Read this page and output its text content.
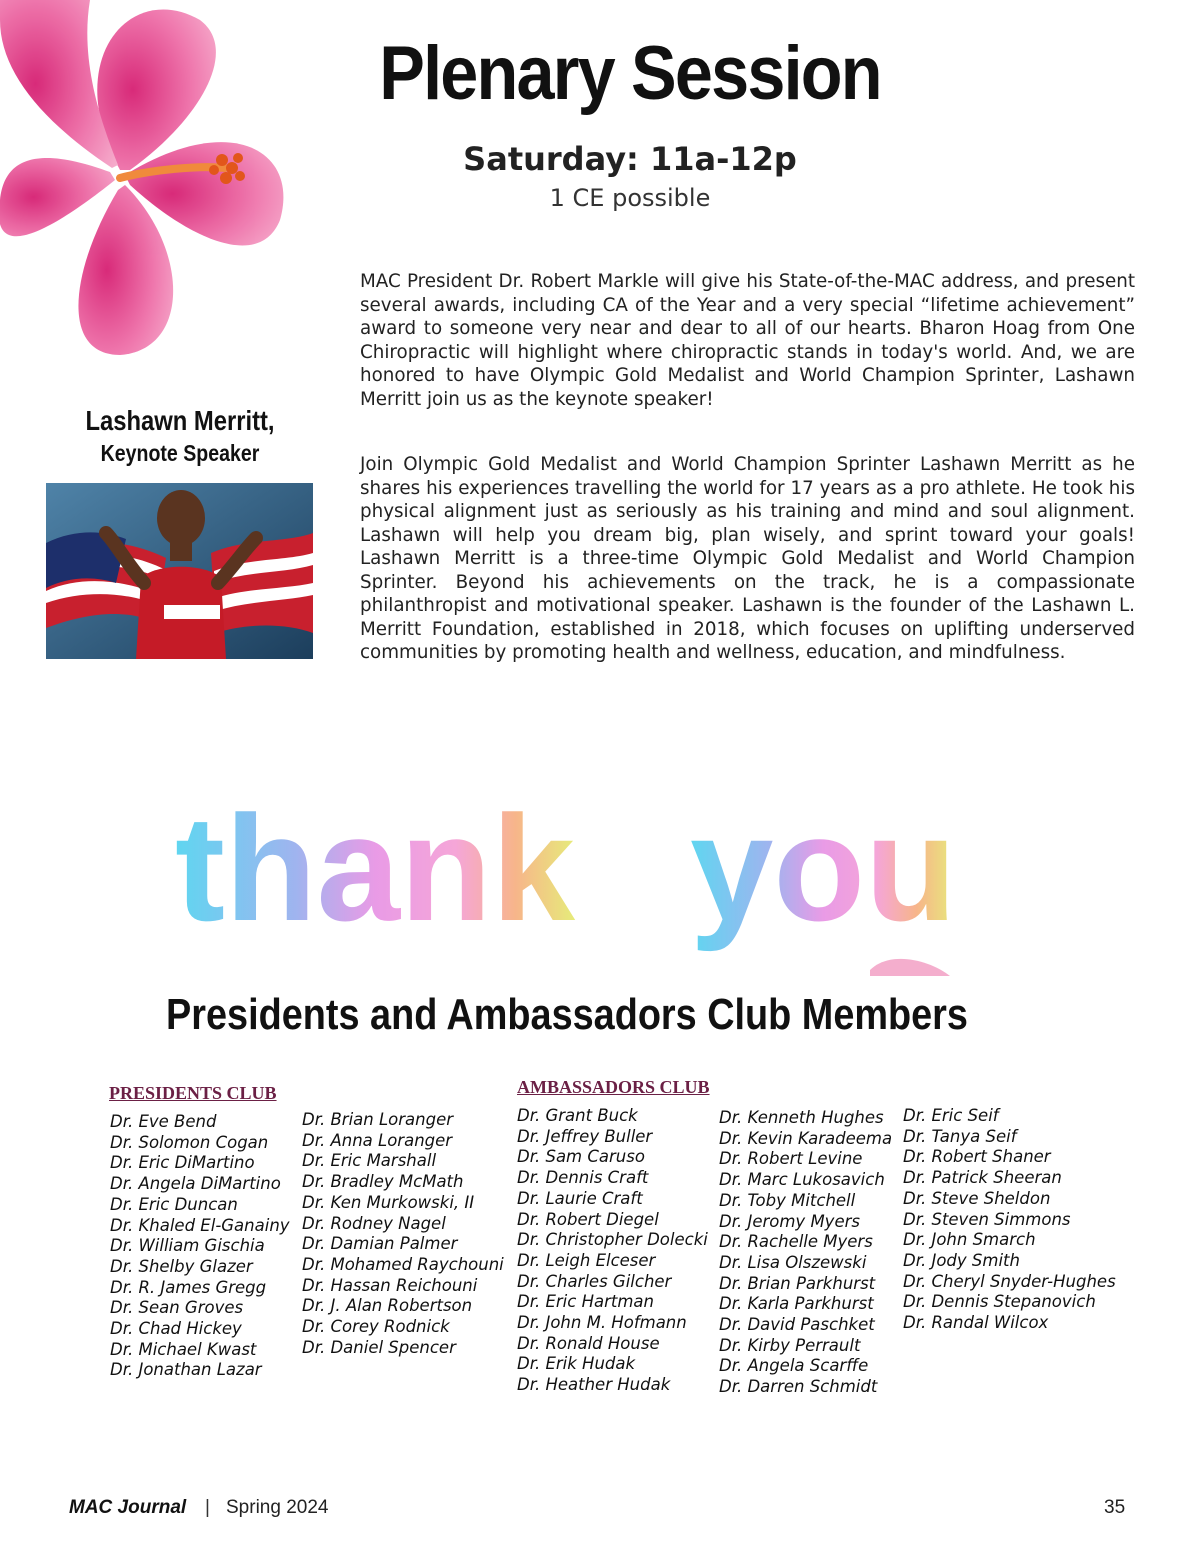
Plenary Session
Saturday: 11a-12p
1 CE possible
MAC President Dr. Robert Markle will give his State-of-the-MAC address, and present several awards, including CA of the Year and a very special “lifetime achievement” award to someone very near and dear to all of our hearts. Bharon Hoag from One Chiropractic will highlight where chiropractic stands in today's world. And, we are honored to have Olympic Gold Medalist and World Champion Sprinter, Lashawn Merritt join us as the keynote speaker!
Join Olympic Gold Medalist and World Champion Sprinter Lashawn Merritt as he shares his experiences travelling the world for 17 years as a pro athlete. He took his physical alignment just as seriously as his training and mind and soul alignment. Lashawn will help you dream big, plan wisely, and sprint toward your goals! Lashawn Merritt is a three-time Olympic Gold Medalist and World Champion Sprinter. Beyond his achievements on the track, he is a compassionate philanthropist and motivational speaker. Lashawn is the founder of the Lashawn L. Merritt Foundation, established in 2018, which focuses on uplifting underserved communities by promoting health and wellness, education, and mindfulness.
Lashawn Merritt,
Keynote Speaker
thank you
Presidents and Ambassadors Club Members
PRESIDENTS CLUB	AMBASSADORS CLUB
Dr. Eve Bend
Dr. Solomon Cogan
Dr. Eric DiMartino
Dr. Angela DiMartino
Dr. Eric Duncan
Dr. Khaled El-Ganainy
Dr. William Gischia
Dr. Shelby Glazer
Dr. R. James Gregg
Dr. Sean Groves
Dr. Chad Hickey
Dr. Michael Kwast
Dr. Jonathan Lazar
Dr. Brian Loranger
Dr. Anna Loranger
Dr. Eric Marshall
Dr. Bradley McMath
Dr. Ken Murkowski, II
Dr. Rodney Nagel
Dr. Damian Palmer
Dr. Mohamed Raychouni
Dr. Hassan Reichouni
Dr. J. Alan Robertson
Dr. Corey Rodnick
Dr. Daniel Spencer
Dr. Grant Buck
Dr. Jeffrey Buller
Dr. Sam Caruso
Dr. Dennis Craft
Dr. Laurie Craft
Dr. Robert Diegel
Dr. Christopher Dolecki
Dr. Leigh Elceser
Dr. Charles Gilcher
Dr. Eric Hartman
Dr. John M. Hofmann
Dr. Ronald House
Dr. Erik Hudak
Dr. Heather Hudak
Dr. Kenneth Hughes
Dr. Kevin Karadeema
Dr. Robert Levine
Dr. Marc Lukosavich
Dr. Toby Mitchell
Dr. Jeromy Myers
Dr. Rachelle Myers
Dr. Lisa Olszewski
Dr. Brian Parkhurst
Dr. Karla Parkhurst
Dr. David Paschket
Dr. Kirby Perrault
Dr. Angela Scarffe
Dr. Darren Schmidt
Dr. Eric Seif
Dr. Tanya Seif
Dr. Robert Shaner
Dr. Patrick Sheeran
Dr. Steve Sheldon
Dr. Steven Simmons
Dr. John Smarch
Dr. Jody Smith
Dr. Cheryl Snyder-Hughes
Dr. Dennis Stepanovich
Dr. Randal Wilcox
MAC Journal | Spring 2024	35
